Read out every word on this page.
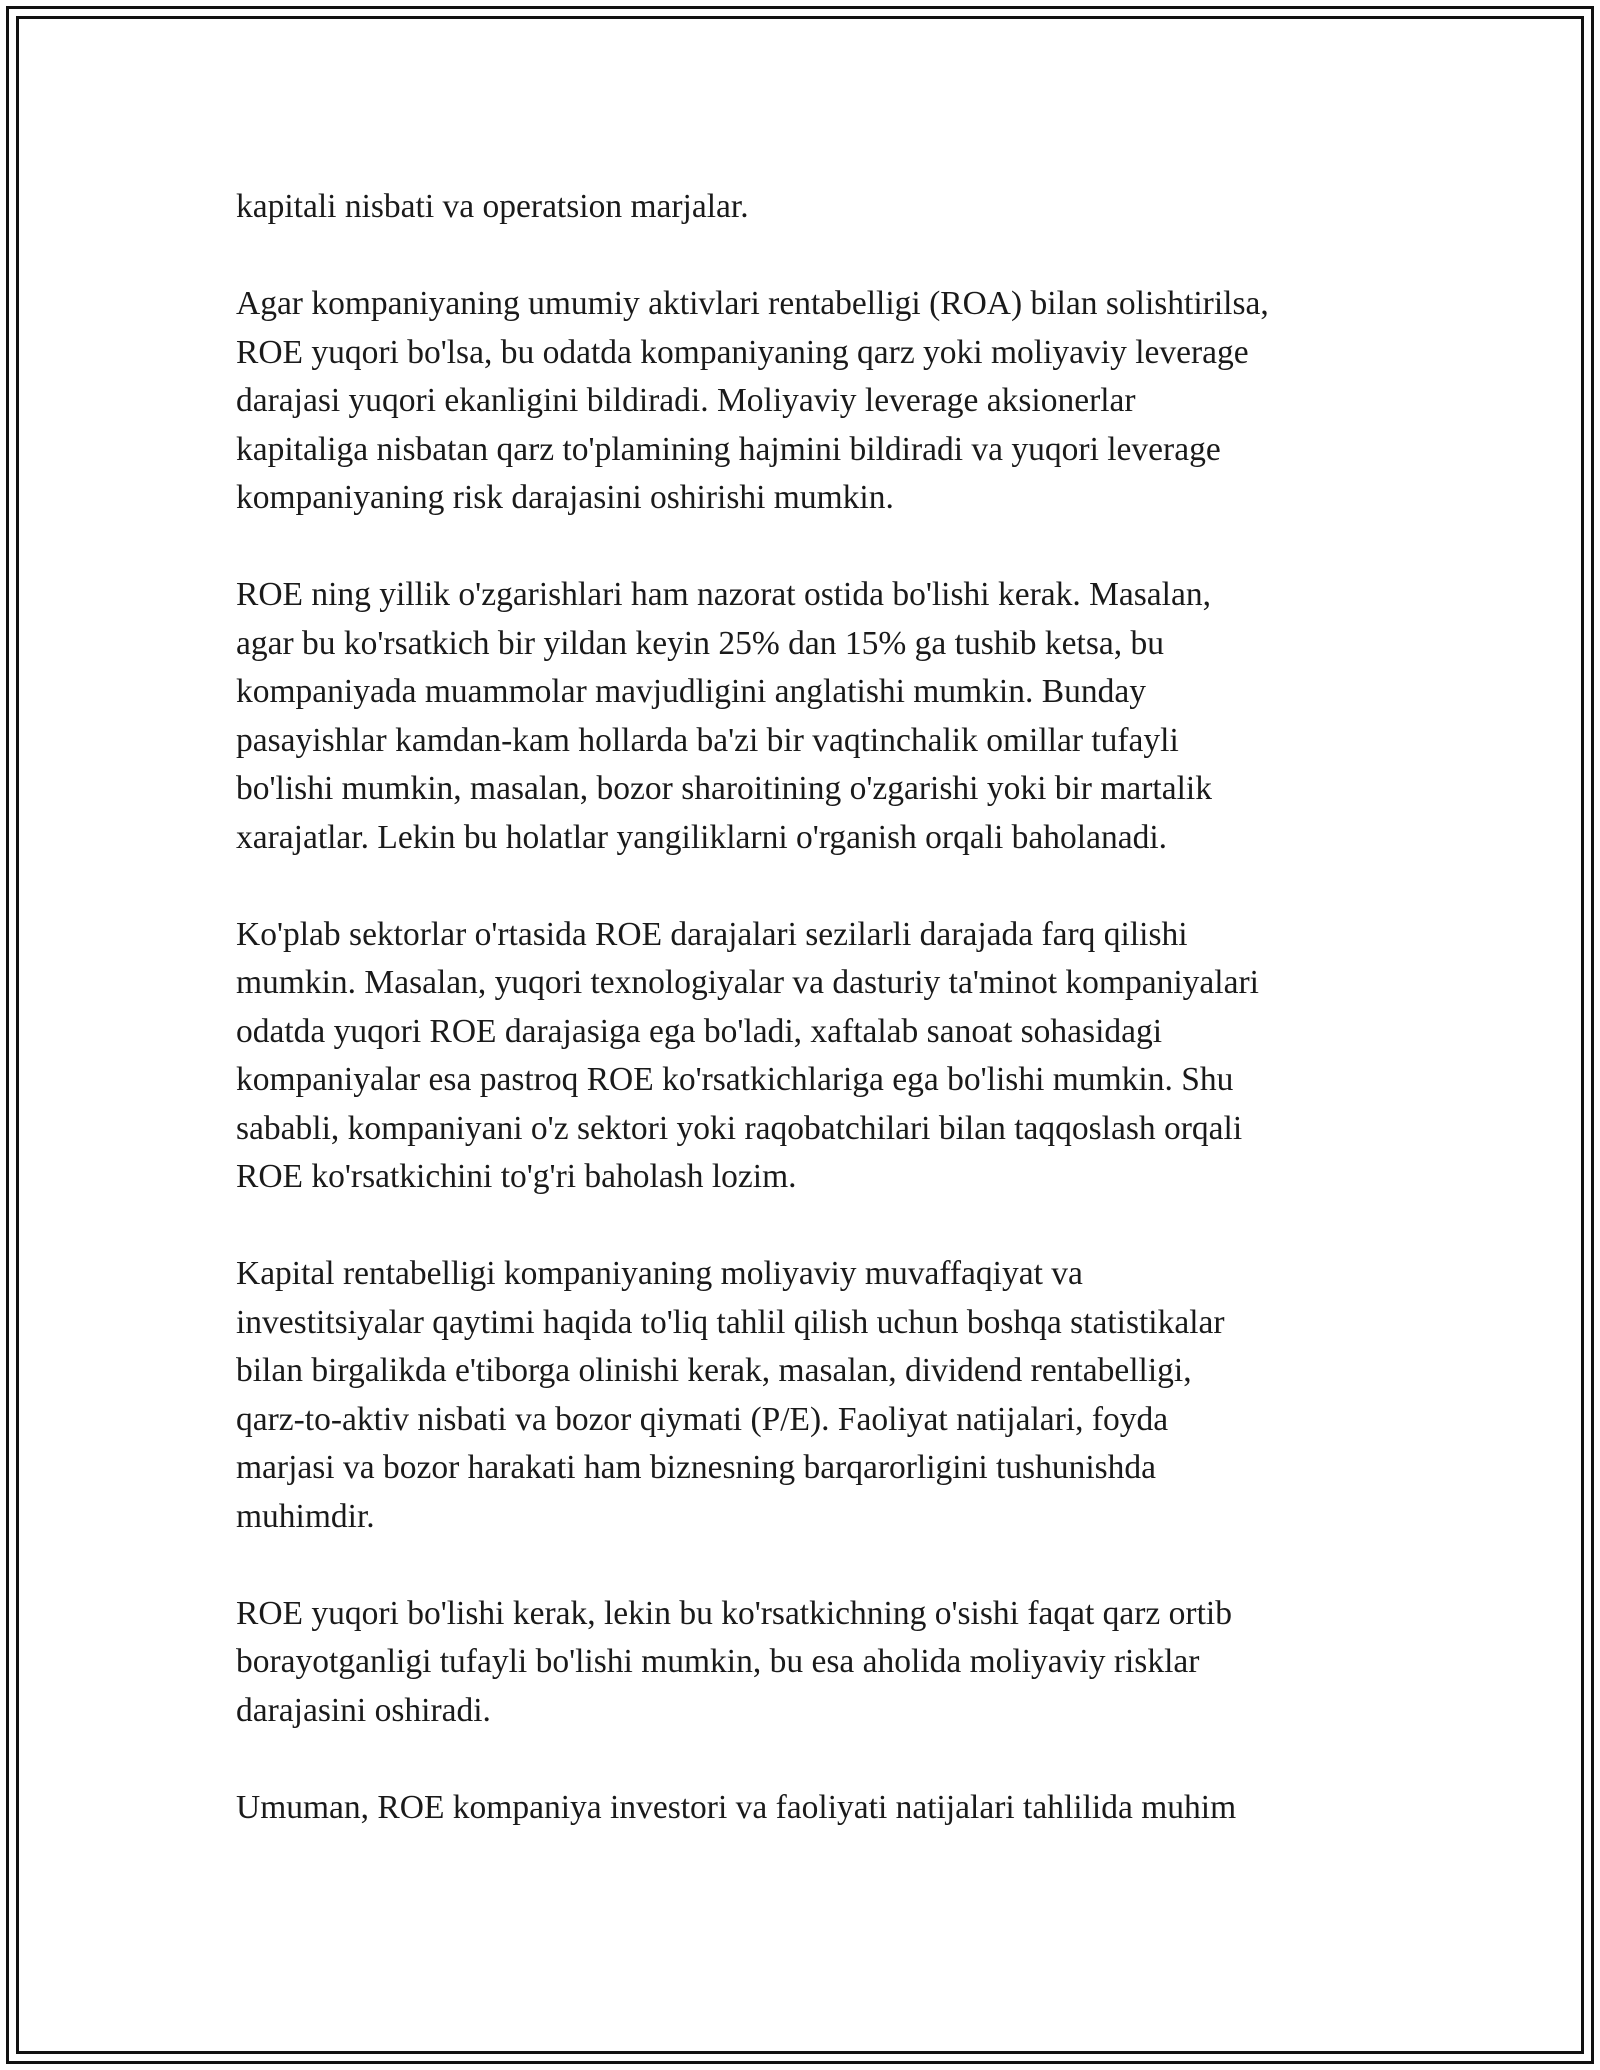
kapitali nisbati va operatsion marjalar.

Agar kompaniyaning umumiy aktivlari rentabelligi (ROA) bilan solishtirilsa,
ROE yuqori bo'lsa, bu odatda kompaniyaning qarz yoki moliyaviy leverage
darajasi yuqori ekanligini bildiradi. Moliyaviy leverage aksionerlar
kapitaliga nisbatan qarz to'plamining hajmini bildiradi va yuqori leverage
kompaniyaning risk darajasini oshirishi mumkin.

ROE ning yillik o'zgarishlari ham nazorat ostida bo'lishi kerak. Masalan,
agar bu ko'rsatkich bir yildan keyin 25% dan 15% ga tushib ketsa, bu
kompaniyada muammolar mavjudligini anglatishi mumkin. Bunday
pasayishlar kamdan-kam hollarda ba'zi bir vaqtinchalik omillar tufayli
bo'lishi mumkin, masalan, bozor sharoitining o'zgarishi yoki bir martalik
xarajatlar. Lekin bu holatlar yangiliklarni o'rganish orqali baholanadi.

Ko'plab sektorlar o'rtasida ROE darajalari sezilarli darajada farq qilishi
mumkin. Masalan, yuqori texnologiyalar va dasturiy ta'minot kompaniyalari
odatda yuqori ROE darajasiga ega bo'ladi, xaftalab sanoat sohasidagi
kompaniyalar esa pastroq ROE ko'rsatkichlariga ega bo'lishi mumkin. Shu
sababli, kompaniyani o'z sektori yoki raqobatchilari bilan taqqoslash orqali
ROE ko'rsatkichini to'g'ri baholash lozim.

Kapital rentabelligi kompaniyaning moliyaviy muvaffaqiyat va
investitsiyalar qaytimi haqida to'liq tahlil qilish uchun boshqa statistikalar
bilan birgalikda e'tiborga olinishi kerak, masalan, dividend rentabelligi,
qarz-to-aktiv nisbati va bozor qiymati (P/E). Faoliyat natijalari, foyda
marjasi va bozor harakati ham biznesning barqarorligini tushunishda
muhimdir.

ROE yuqori bo'lishi kerak, lekin bu ko'rsatkichning o'sishi faqat qarz ortib
borayotganligi tufayli bo'lishi mumkin, bu esa aholida moliyaviy risklar
darajasini oshiradi.

Umuman, ROE kompaniya investori va faoliyati natijalari tahlilida muhim
